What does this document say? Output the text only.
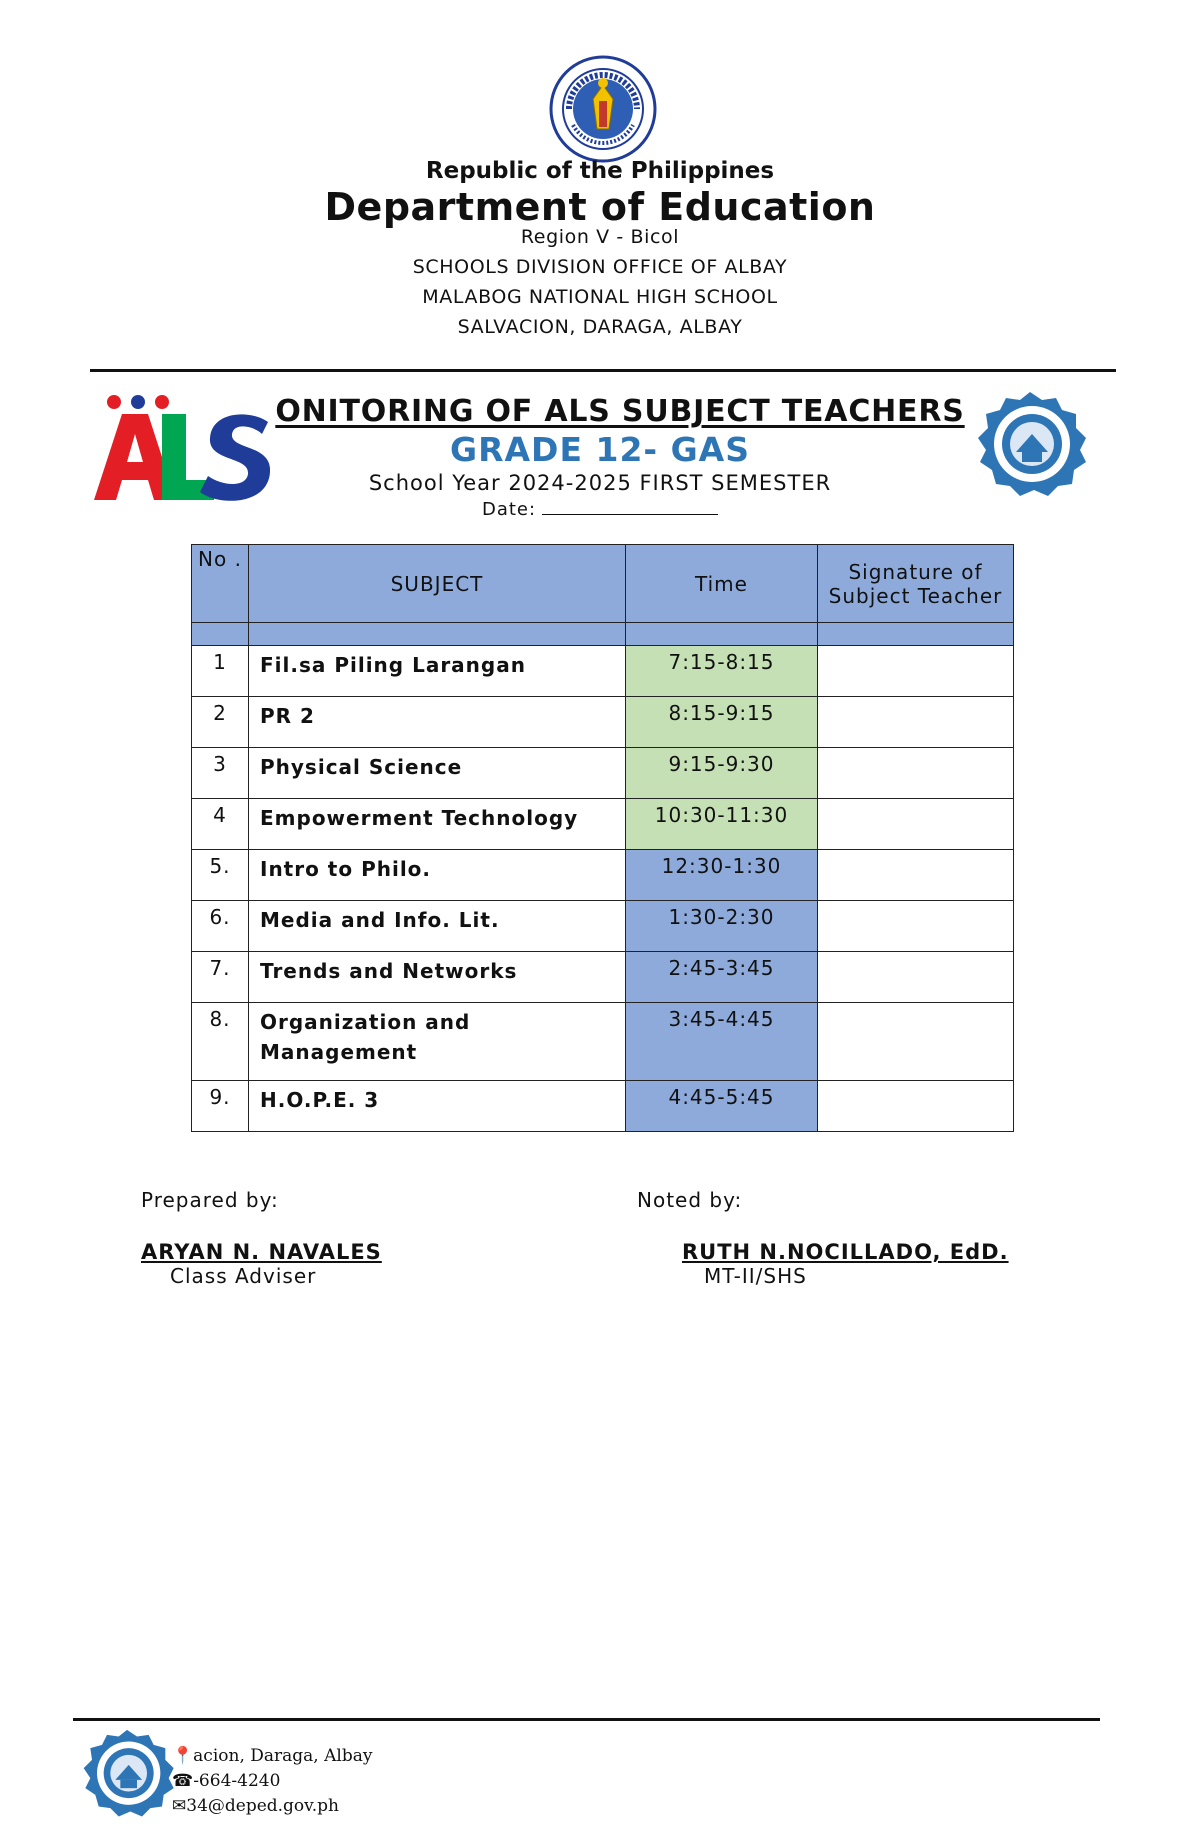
Republic of the Philippines
Department of Education
Region V - Bicol
SCHOOLS DIVISION OFFICE OF ALBAY
MALABOG NATIONAL HIGH SCHOOL
SALVACION, DARAGA, ALBAY
ONITORING OF ALS SUBJECT TEACHERS
GRADE 12- GAS
School Year 2024-2025 FIRST SEMESTER
Date:
No .	SUBJECT	Time	Signature of Subject Teacher

1	Fil.sa Piling Larangan	7:15-8:15	
2	PR 2	8:15-9:15	
3	Physical Science	9:15-9:30	
4	Empowerment Technology	10:30-11:30	
5.	Intro to Philo.	12:30-1:30	
6.	Media and Info. Lit.	1:30-2:30	
7.	Trends and Networks	2:45-3:45	
8.	Organization and Management	3:45-4:45	
9.	H.O.P.E. 3	4:45-5:45	
Prepared by:	Noted by:
ARYAN N. NAVALES
Class Adviser
RUTH N.NOCILLADO, EdD.
MT-II/SHS
📍acion, Daraga, Albay
☎-664-4240
✉34@deped.gov.ph
